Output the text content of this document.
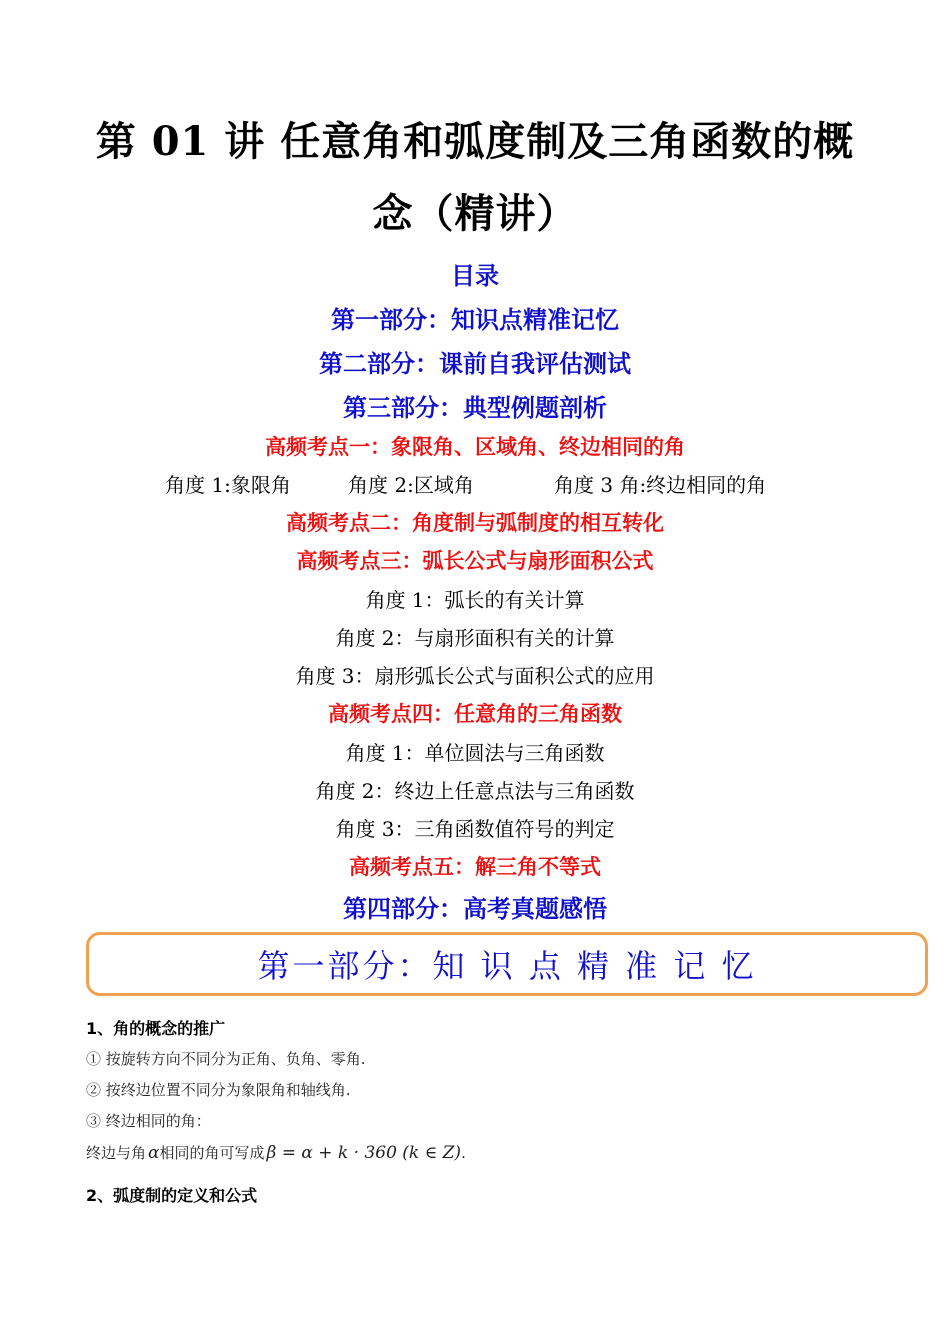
第 01 讲 任意角和弧度制及三角函数的概
念（精讲）
目录
第一部分：知识点精准记忆
第二部分：课前自我评估测试
第三部分：典型例题剖析
高频考点一：象限角、区域角、终边相同的角
角度 1:象限角	角度 2:区域角	角度 3 角:终边相同的角
高频考点二：角度制与弧制度的相互转化
高频考点三：弧长公式与扇形面积公式
角度 1：弧长的有关计算
角度 2：与扇形面积有关的计算
角度 3：扇形弧长公式与面积公式的应用
高频考点四：任意角的三角函数
角度 1：单位圆法与三角函数
角度 2：终边上任意点法与三角函数
角度 3：三角函数值符号的判定
高频考点五：解三角不等式
第四部分：高考真题感悟
第一部分：知 识 点 精 准 记 忆
1、角的概念的推广
① 按旋转方向不同分为正角、负角、零角.
② 按终边位置不同分为象限角和轴线角.
③ 终边相同的角：
终边与角 α相同的角可写成 β = α + k · 360 (k ∈ Z).
2、弧度制的定义和公式
